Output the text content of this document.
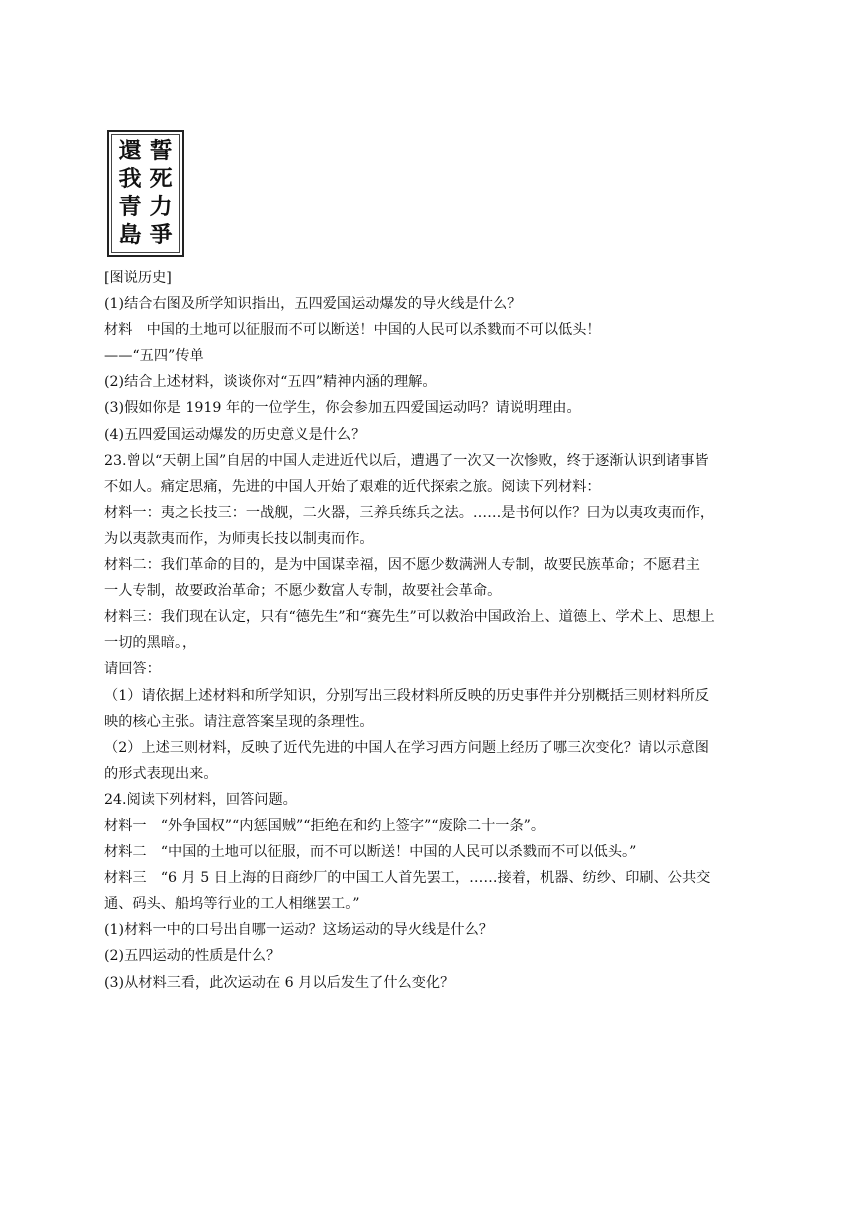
誓
死
力
爭
還
我
青
島
[图说历史]
(1)结合右图及所学知识指出，五四爱国运动爆发的导火线是什么？
材料　中国的土地可以征服而不可以断送！中国的人民可以杀戮而不可以低头！
——“五四”传单
(2)结合上述材料，谈谈你对“五四”精神内涵的理解。
(3)假如你是 1919 年的一位学生，你会参加五四爱国运动吗？请说明理由。
(4)五四爱国运动爆发的历史意义是什么？
23.曾以“天朝上国”自居的中国人走进近代以后，遭遇了一次又一次惨败，终于逐渐认识到诸事皆
不如人。痛定思痛，先进的中国人开始了艰难的近代探索之旅。阅读下列材料：
材料一：夷之长技三：一战舰，二火器，三养兵练兵之法。……是书何以作？曰为以夷攻夷而作，
为以夷款夷而作，为师夷长技以制夷而作。
材料二：我们革命的目的，是为中国谋幸福，因不愿少数满洲人专制，故要民族革命；不愿君主
一人专制，故要政治革命；不愿少数富人专制，故要社会革命。
材料三：我们现在认定，只有“德先生”和“赛先生”可以救治中国政治上、道德上、学术上、思想上
一切的黑暗。，
请回答：
（1）请依据上述材料和所学知识，分别写出三段材料所反映的历史事件并分别概括三则材料所反
映的核心主张。请注意答案呈现的条理性。
（2）上述三则材料，反映了近代先进的中国人在学习西方问题上经历了哪三次变化？请以示意图
的形式表现出来。
24.阅读下列材料，回答问题。
材料一　“外争国权”“内惩国贼”“拒绝在和约上签字”“废除二十一条”。
材料二　“中国的土地可以征服，而不可以断送！中国的人民可以杀戮而不可以低头。”
材料三　“6 月 5 日上海的日商纱厂的中国工人首先罢工，……接着，机器、纺纱、印刷、公共交
通、码头、船坞等行业的工人相继罢工。”
(1)材料一中的口号出自哪一运动？这场运动的导火线是什么？
(2)五四运动的性质是什么？
(3)从材料三看，此次运动在 6 月以后发生了什么变化？
